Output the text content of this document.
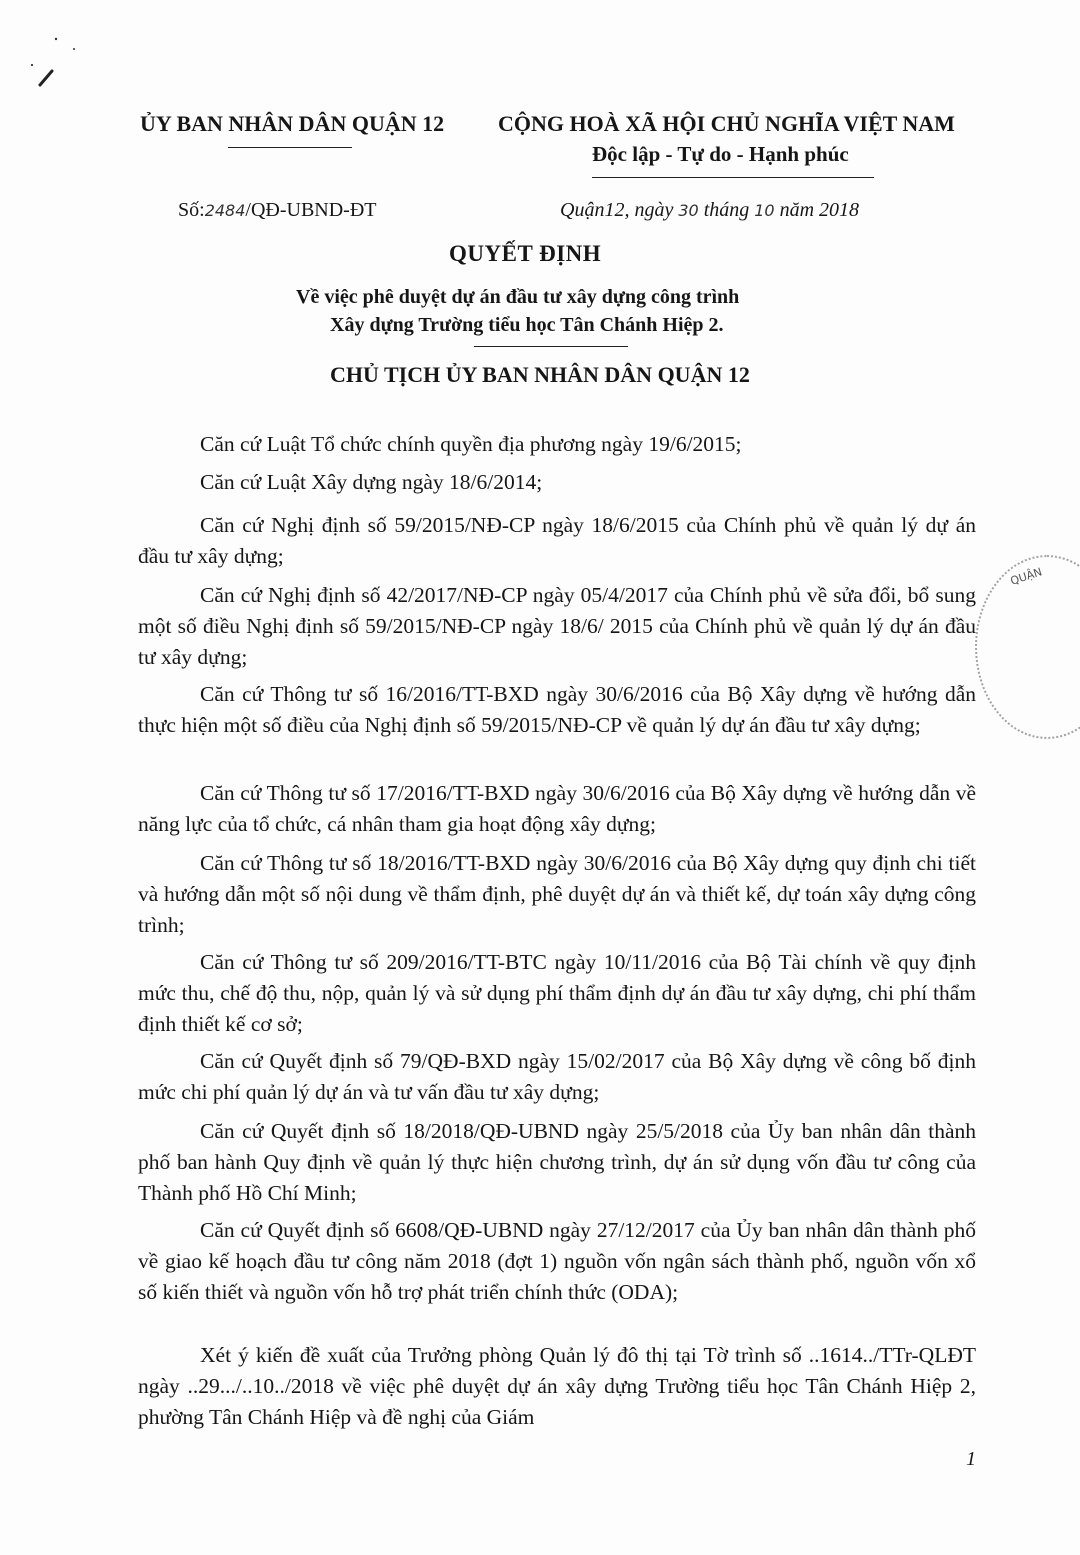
ỦY BAN NHÂN DÂN QUẬN 12 CỘNG HOÀ XÃ HỘI CHỦ NGHĨA VIỆT NAM
Độc lập - Tự do - Hạnh phúc
Số:2484/QĐ-UBND-ĐT	Quận12, ngày 30 tháng 10 năm 2018
QUYẾT ĐỊNH
Về việc phê duyệt dự án đầu tư xây dựng công trình
Xây dựng Trường tiểu học Tân Chánh Hiệp 2.
CHỦ TỊCH ỦY BAN NHÂN DÂN QUẬN 12
Căn cứ Luật Tổ chức chính quyền địa phương ngày 19/6/2015;
Căn cứ Luật Xây dựng ngày 18/6/2014;
Căn cứ Nghị định số 59/2015/NĐ-CP ngày 18/6/2015 của Chính phủ về quản lý dự án đầu tư xây dựng;
Căn cứ Nghị định số 42/2017/NĐ-CP ngày 05/4/2017 của Chính phủ về sửa đổi, bổ sung một số điều Nghị định số 59/2015/NĐ-CP ngày 18/6/ 2015 của Chính phủ về quản lý dự án đầu tư xây dựng;
Căn cứ Thông tư số 16/2016/TT-BXD ngày 30/6/2016 của Bộ Xây dựng về hướng dẫn thực hiện một số điều của Nghị định số 59/2015/NĐ-CP về quản lý dự án đầu tư xây dựng;
Căn cứ Thông tư số 17/2016/TT-BXD ngày 30/6/2016 của Bộ Xây dựng về hướng dẫn về năng lực của tổ chức, cá nhân tham gia hoạt động xây dựng;
Căn cứ Thông tư số 18/2016/TT-BXD ngày 30/6/2016 của Bộ Xây dựng quy định chi tiết và hướng dẫn một số nội dung về thẩm định, phê duyệt dự án và thiết kế, dự toán xây dựng công trình;
Căn cứ Thông tư số 209/2016/TT-BTC ngày 10/11/2016 của Bộ Tài chính về quy định mức thu, chế độ thu, nộp, quản lý và sử dụng phí thẩm định dự án đầu tư xây dựng, chi phí thẩm định thiết kế cơ sở;
Căn cứ Quyết định số 79/QĐ-BXD ngày 15/02/2017 của Bộ Xây dựng về công bố định mức chi phí quản lý dự án và tư vấn đầu tư xây dựng;
Căn cứ Quyết định số 18/2018/QĐ-UBND ngày 25/5/2018 của Ủy ban nhân dân thành phố ban hành Quy định về quản lý thực hiện chương trình, dự án sử dụng vốn đầu tư công của Thành phố Hồ Chí Minh;
Căn cứ Quyết định số 6608/QĐ-UBND ngày 27/12/2017 của Ủy ban nhân dân thành phố về giao kế hoạch đầu tư công năm 2018 (đợt 1) nguồn vốn ngân sách thành phố, nguồn vốn xổ số kiến thiết và nguồn vốn hỗ trợ phát triển chính thức (ODA);
Xét ý kiến đề xuất của Trưởng phòng Quản lý đô thị tại Tờ trình số ..1614../TTr-QLĐT ngày ..29.../..10../2018 về việc phê duyệt dự án xây dựng Trường tiểu học Tân Chánh Hiệp 2, phường Tân Chánh Hiệp và đề nghị của Giám
QUẬN
1
